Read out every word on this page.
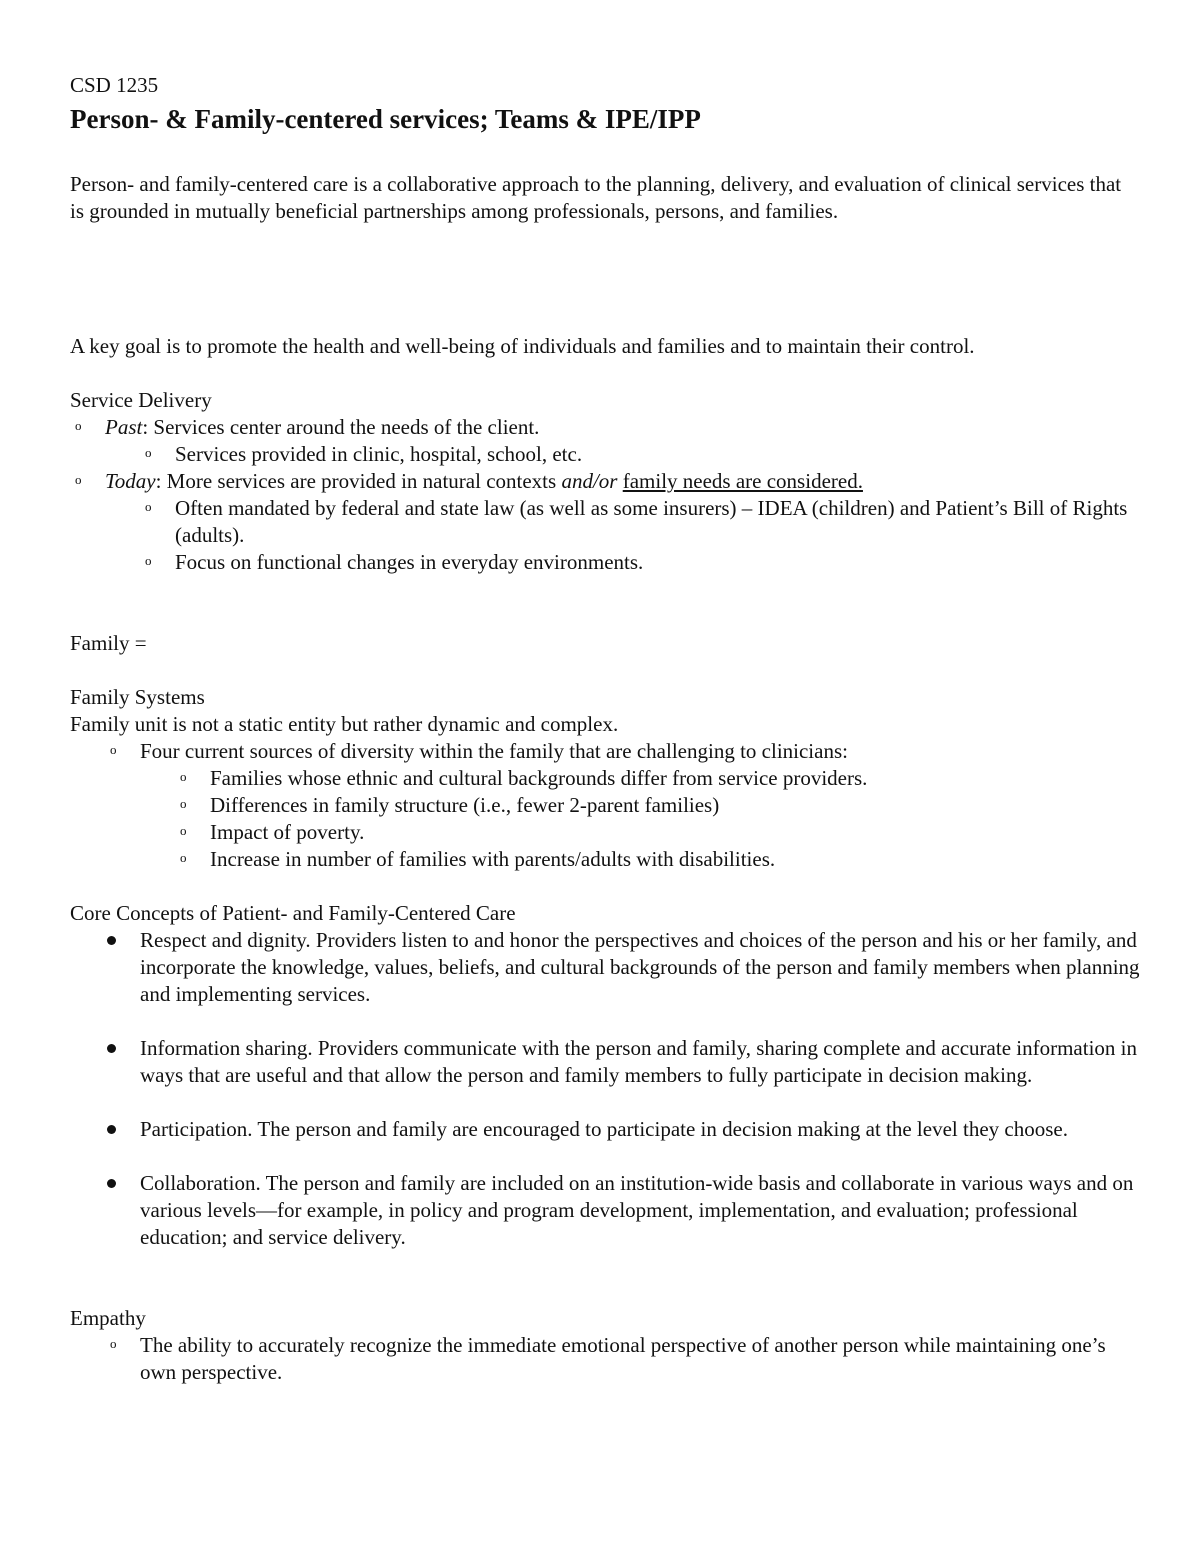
CSD 1235

Person- & Family-centered services; Teams & IPE/IPP

Person- and family-centered care is a collaborative approach to the planning, delivery, and evaluation of clinical services that is grounded in mutually beneficial partnerships among professionals, persons, and families.

A key goal is to promote the health and well-being of individuals and families and to maintain their control.

Service Delivery

o Past: Services center around the needs of the client.
o Services provided in clinic, hospital, school, etc.
o Today: More services are provided in natural contexts and/or family needs are considered.
o Often mandated by federal and state law (as well as some insurers) – IDEA (children) and Patient’s Bill of Rights (adults).
o Focus on functional changes in everyday environments.

Family =

Family Systems

Family unit is not a static entity but rather dynamic and complex.

o Four current sources of diversity within the family that are challenging to clinicians:
o Families whose ethnic and cultural backgrounds differ from service providers.
o Differences in family structure (i.e., fewer 2-parent families)
o Impact of poverty.
o Increase in number of families with parents/adults with disabilities.

Core Concepts of Patient- and Family-Centered Care

Respect and dignity. Providers listen to and honor the perspectives and choices of the person and his or her family, and incorporate the knowledge, values, beliefs, and cultural backgrounds of the person and family members when planning and implementing services.
Information sharing. Providers communicate with the person and family, sharing complete and accurate information in ways that are useful and that allow the person and family members to fully participate in decision making.
Participation. The person and family are encouraged to participate in decision making at the level they choose.
Collaboration. The person and family are included on an institution-wide basis and collaborate in various ways and on various levels—for example, in policy and program development, implementation, and evaluation; professional education; and service delivery.

Empathy

o The ability to accurately recognize the immediate emotional perspective of another person while maintaining one’s own perspective.
